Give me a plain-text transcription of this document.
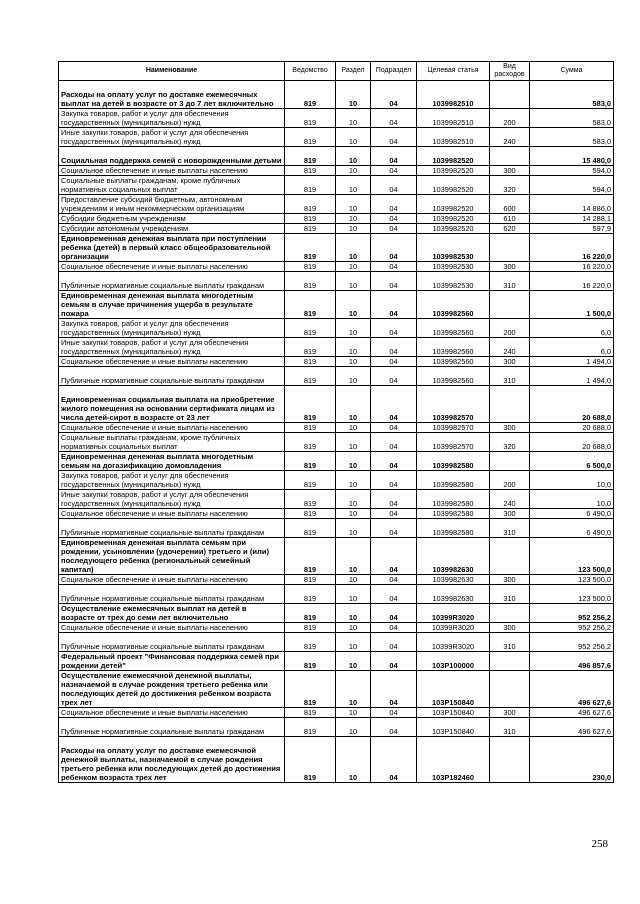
Наименование	Ведомство	Раздел	Подраздел	Целевая статья	Вид расходов	Сумма
Расходы на оплату услуг по доставке ежемесячных выплат на детей в возрасте от 3 до 7 лет включительно	819	10	04	1039982510		583,0
Закупка товаров, работ и услуг для обеспечения государственных (муниципальных) нужд	819	10	04	1039982510	200	583,0
Иные закупки товаров, работ и услуг для обеспечения государственных (муниципальных) нужд	819	10	04	1039982510	240	583,0
Социальная поддержка семей с новорожденными детьми	819	10	04	1039982520		15 480,0
Социальное обеспечение и иные выплаты населению	819	10	04	1039982520	300	594,0
Социальные выплаты гражданам, кроме публичных нормативных социальных выплат	819	10	04	1039982520	320	594,0
Предоставление субсидий бюджетным, автономным учреждениям и иным некоммерческим организациям	819	10	04	1039982520	600	14 886,0
Субсидии бюджетным учреждениям	819	10	04	1039982520	610	14 288,1
Субсидии автономным учреждениям	819	10	04	1039982520	620	597,9
Единовременная денежная выплата при поступлении ребенка (детей) в первый класс общеобразовательной организации	819	10	04	1039982530		16 220,0
Социальное обеспечение и иные выплаты населению	819	10	04	1039982530	300	16 220,0
Публичные нормативные социальные выплаты гражданам	819	10	04	1039982530	310	16 220,0
Единовременная денежная выплата многодетным семьям в случае причинения ущерба в результате пожара	819	10	04	1039982560		1 500,0
Закупка товаров, работ и услуг для обеспечения государственных (муниципальных) нужд	819	10	04	1039982560	200	6,0
Иные закупки товаров, работ и услуг для обеспечения государственных (муниципальных) нужд	819	10	04	1039982560	240	6,0
Социальное обеспечение и иные выплаты населению	819	10	04	1039982560	300	1 494,0
Публичные нормативные социальные выплаты гражданам	819	10	04	1039982560	310	1 494,0
Единовременная социальная выплата на приобретение жилого помещения на основании сертификата лицам из числа детей-сирот в возрасте от 23 лет	819	10	04	1039982570		20 688,0
Социальное обеспечение и иные выплаты населению	819	10	04	1039982570	300	20 688,0
Социальные выплаты гражданам, кроме публичных нормативных социальных выплат	819	10	04	1039982570	320	20 688,0
Единовременная денежная выплата многодетным семьям на догазификацию домовладения	819	10	04	1039982580		6 500,0
Закупка товаров, работ и услуг для обеспечения государственных (муниципальных) нужд	819	10	04	1039982580	200	10,0
Иные закупки товаров, работ и услуг для обеспечения государственных (муниципальных) нужд	819	10	04	1039982580	240	10,0
Социальное обеспечение и иные выплаты населению	819	10	04	1039982580	300	6 490,0
Публичные нормативные социальные выплаты гражданам	819	10	04	1039982580	310	6 490,0
Единовременная денежная выплата семьям при рождении, усыновлении (удочерении) третьего и (или) последующего ребенка (региональный семейный капитал)	819	10	04	1039982630		123 500,0
Социальное обеспечение и иные выплаты населению	819	10	04	1039982630	300	123 500,0
Публичные нормативные социальные выплаты гражданам	819	10	04	1039982630	310	123 500,0
Осуществление ежемесячных выплат на детей в возрасте от трех до семи лет включительно	819	10	04	10399R3020		952 256,2
Социальное обеспечение и иные выплаты населению	819	10	04	10399R3020	300	952 256,2
Публичные нормативные социальные выплаты гражданам	819	10	04	10399R3020	310	952 256,2
Федеральный проект "Финансовая поддержка семей при рождении детей"	819	10	04	103P100000		496 857,6
Осуществление ежемесячной денежной выплаты, назначаемой в случае рождения третьего ребенка или последующих детей до достижения ребенком возраста трех лет	819	10	04	103P150840		496 627,6
Социальное обеспечение и иные выплаты населению	819	10	04	103P150840	300	496 627,6
Публичные нормативные социальные выплаты гражданам	819	10	04	103P150840	310	496 627,6
Расходы на оплату услуг по доставке ежемесячной денежной выплаты, назначаемой в случае рождения третьего ребенка или последующих детей до достижения ребенком возраста трех лет	819	10	04	103P182460		230,0
258
